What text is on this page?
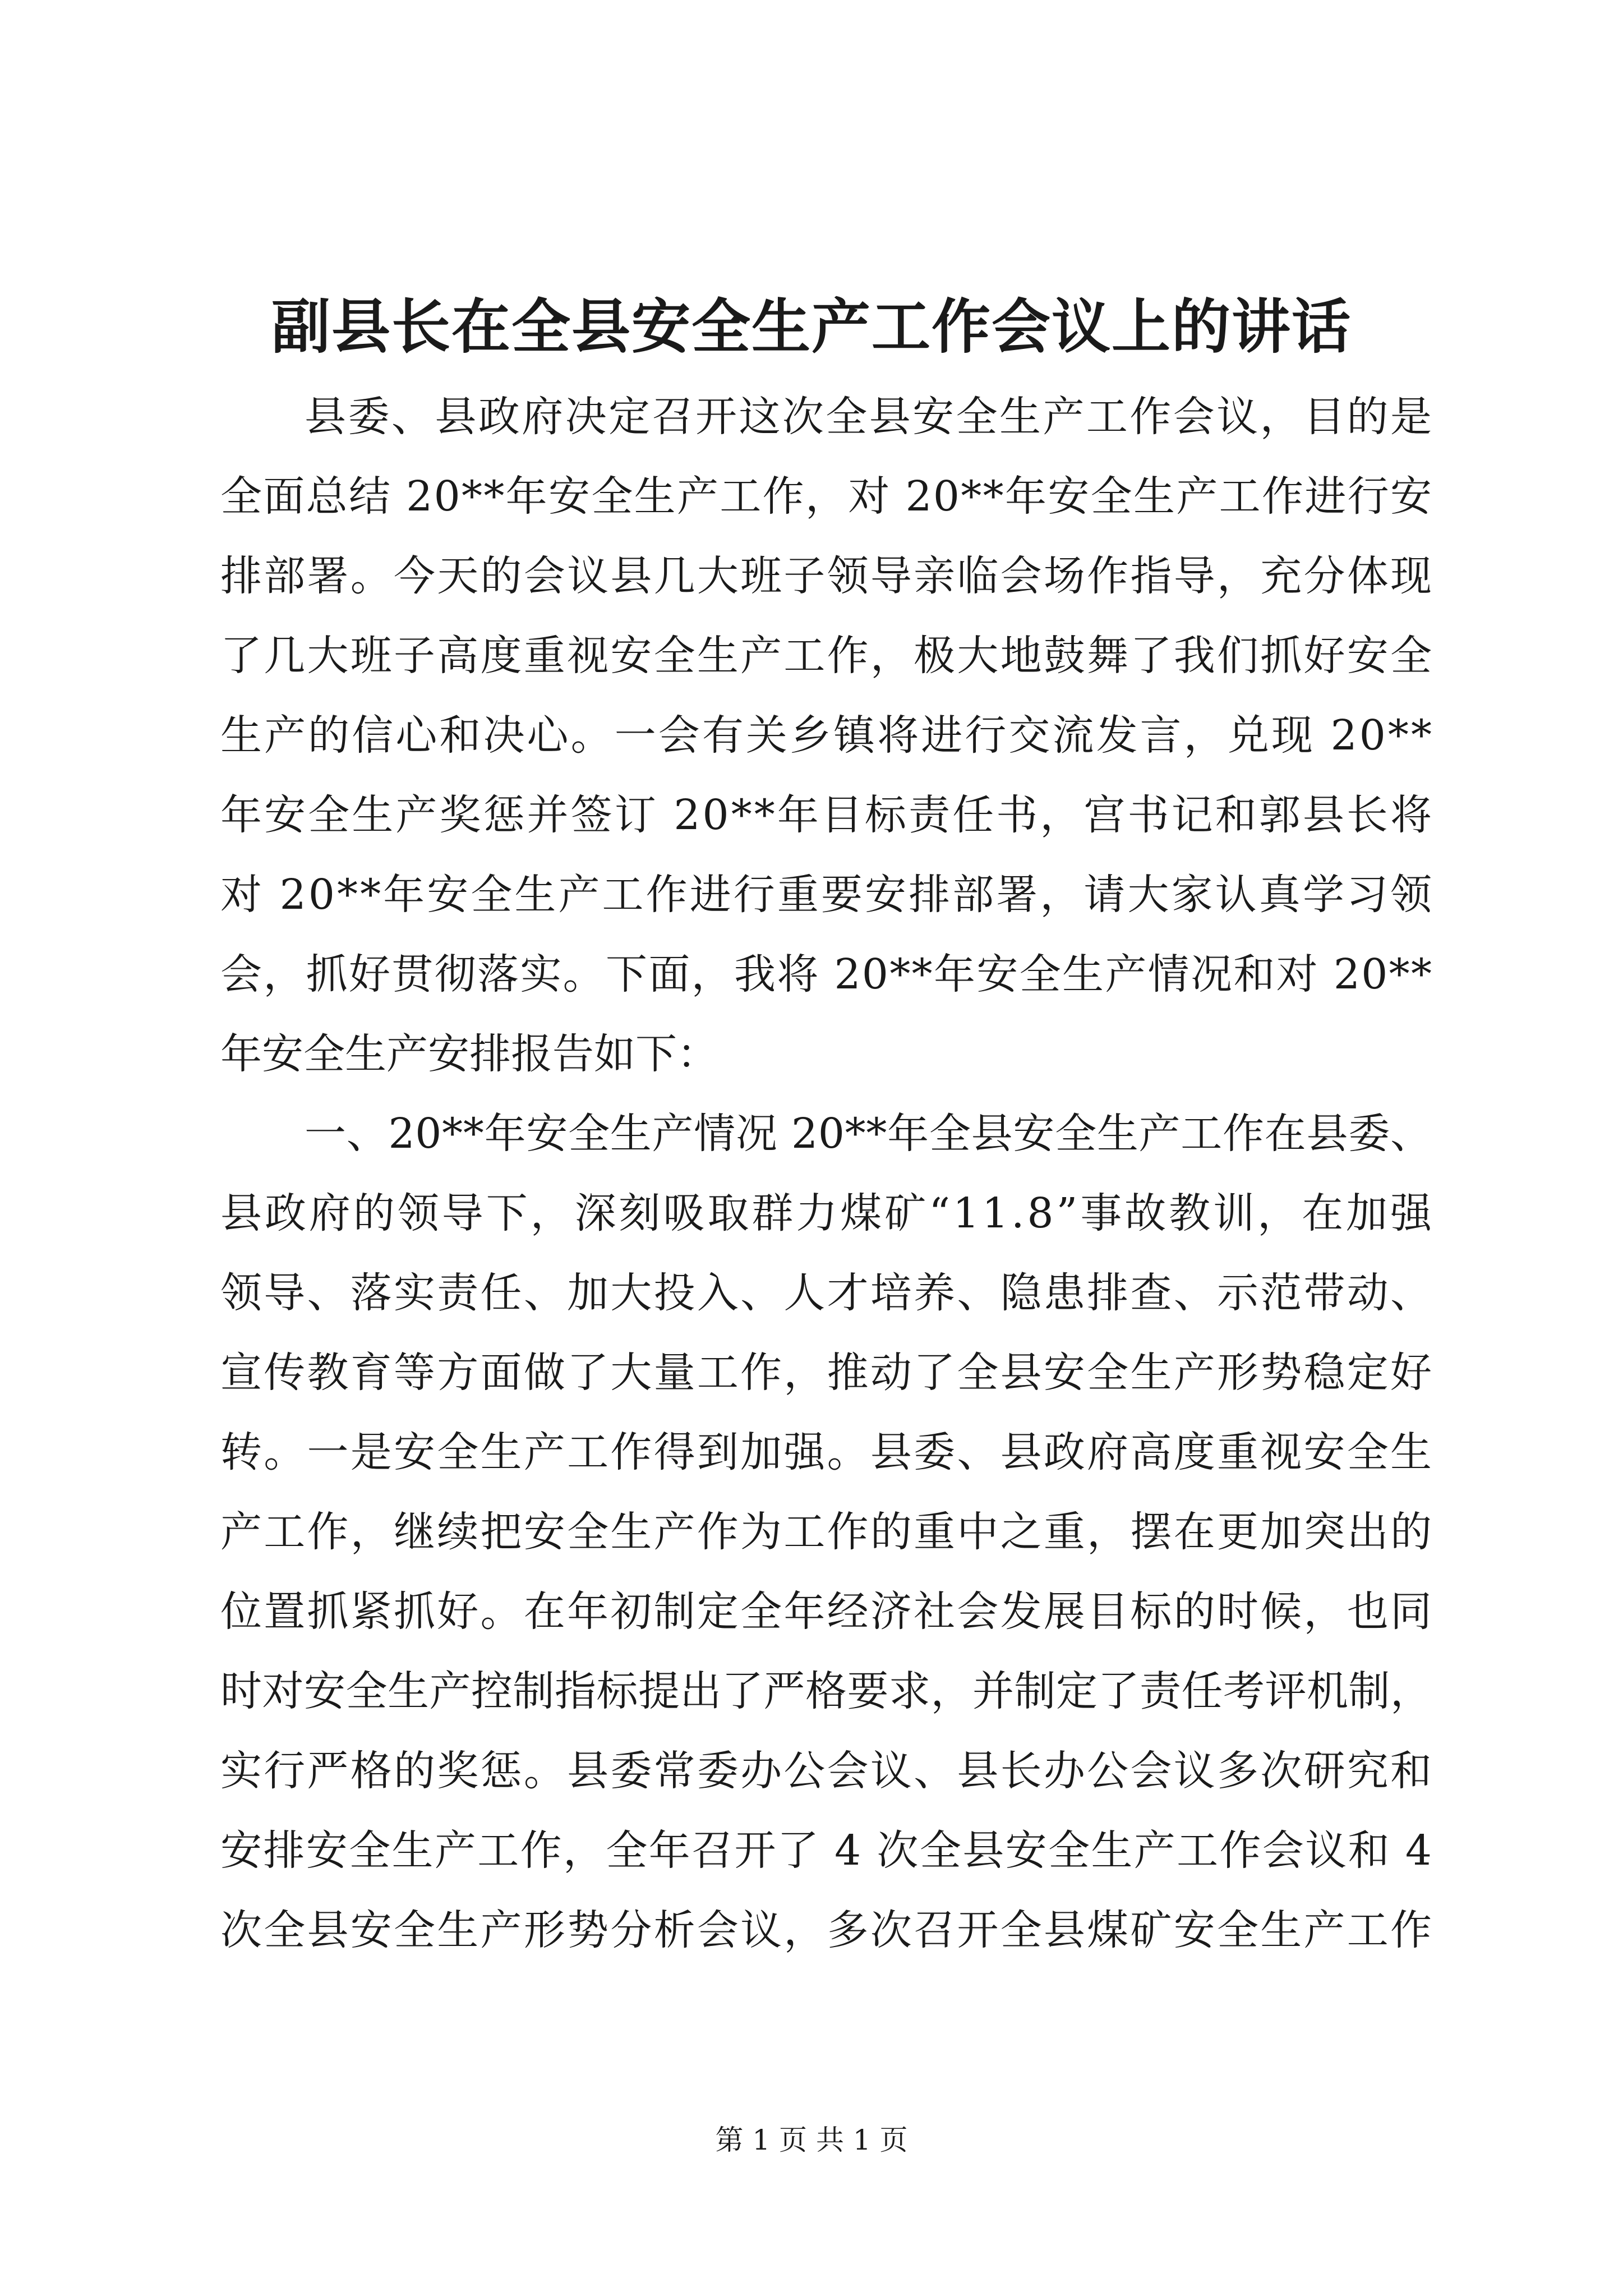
副县长在全县安全生产工作会议上的讲话
县委、县政府决定召开这次全县安全生产工作会议，目的是
全面总结 20**年安全生产工作，对 20**年安全生产工作进行安
排部署。今天的会议县几大班子领导亲临会场作指导，充分体现
了几大班子高度重视安全生产工作，极大地鼓舞了我们抓好安全
生产的信心和决心。一会有关乡镇将进行交流发言，兑现 20**
年安全生产奖惩并签订 20**年目标责任书，宫书记和郭县长将
对 20**年安全生产工作进行重要安排部署，请大家认真学习领
会，抓好贯彻落实。下面，我将 20**年安全生产情况和对 20**
年安全生产安排报告如下：
一、20**年安全生产情况 20**年全县安全生产工作在县委、
县政府的领导下，深刻吸取群力煤矿“11.8”事故教训，在加强
领导、落实责任、加大投入、人才培养、隐患排查、示范带动、
宣传教育等方面做了大量工作，推动了全县安全生产形势稳定好
转。一是安全生产工作得到加强。县委、县政府高度重视安全生
产工作，继续把安全生产作为工作的重中之重，摆在更加突出的
位置抓紧抓好。在年初制定全年经济社会发展目标的时候，也同
时对安全生产控制指标提出了严格要求，并制定了责任考评机制，
实行严格的奖惩。县委常委办公会议、县长办公会议多次研究和
安排安全生产工作，全年召开了 4 次全县安全生产工作会议和 4
次全县安全生产形势分析会议，多次召开全县煤矿安全生产工作
第 1 页 共 1 页
